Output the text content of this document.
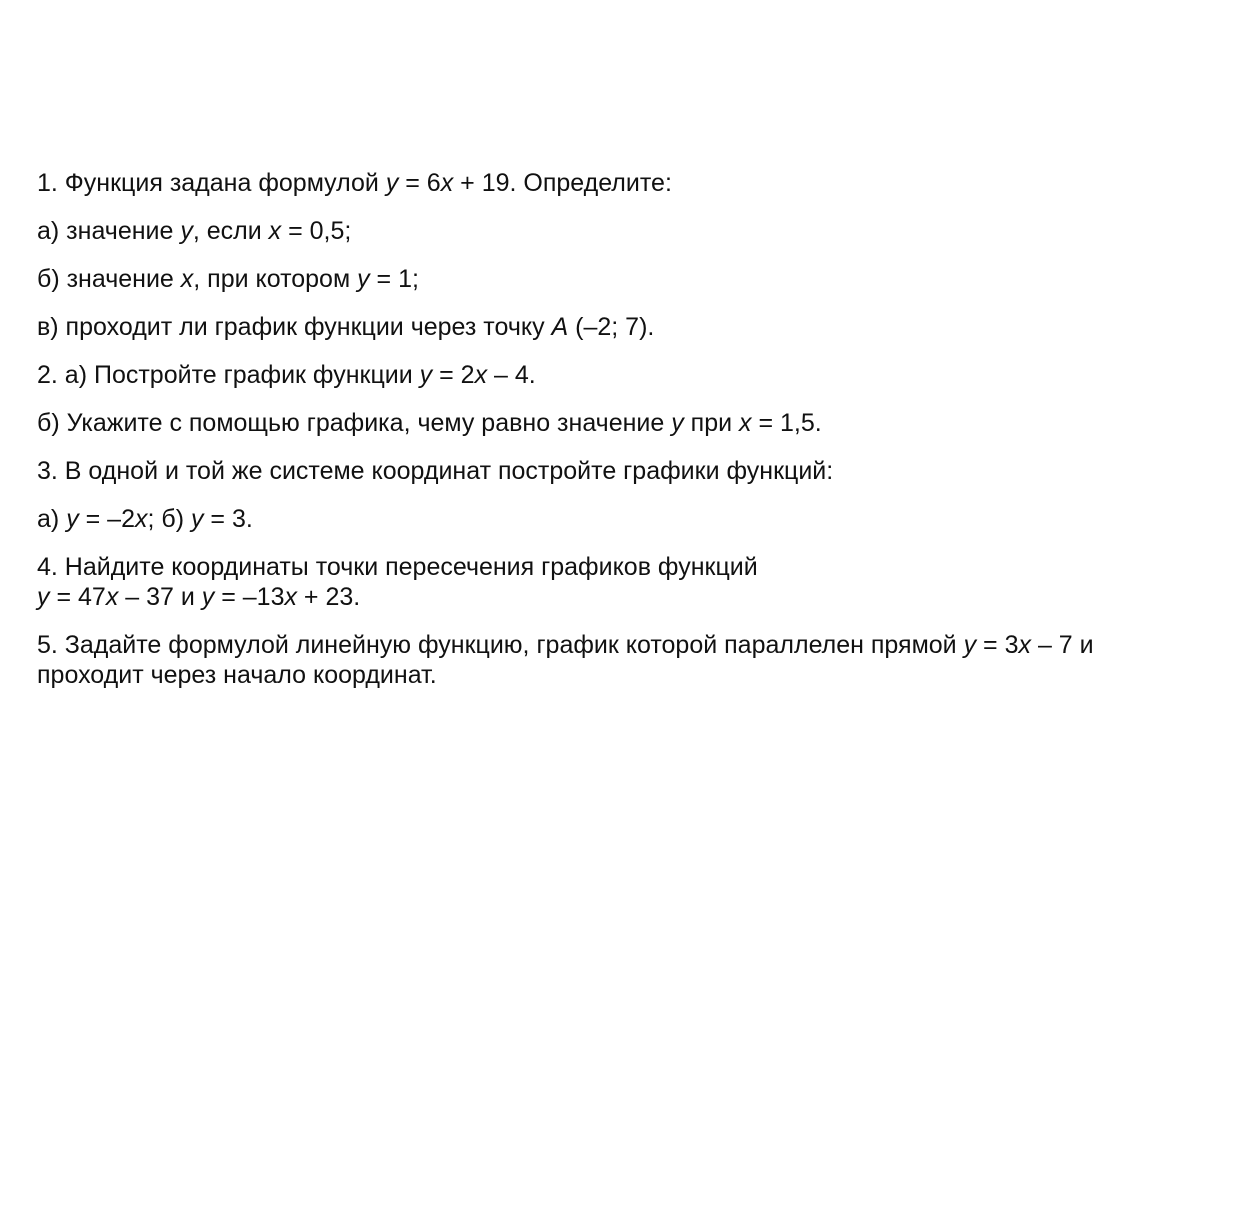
1. Функция задана формулой y = 6x + 19. Определите:
а) значение y, если x = 0,5;
б) значение x, при котором y = 1;
в) проходит ли график функции через точку A (–2; 7).
2. а) Постройте график функции y = 2x – 4.
б) Укажите с помощью графика, чему равно значение y при x = 1,5.
3. В одной и той же системе координат постройте графики функций:
а) y = –2x; б) y = 3.
4. Найдите координаты точки пересечения графиков функций
y = 47x – 37 и y = –13x + 23.
5. Задайте формулой линейную функцию, график которой параллелен прямой y = 3x – 7 и
проходит через начало координат.
